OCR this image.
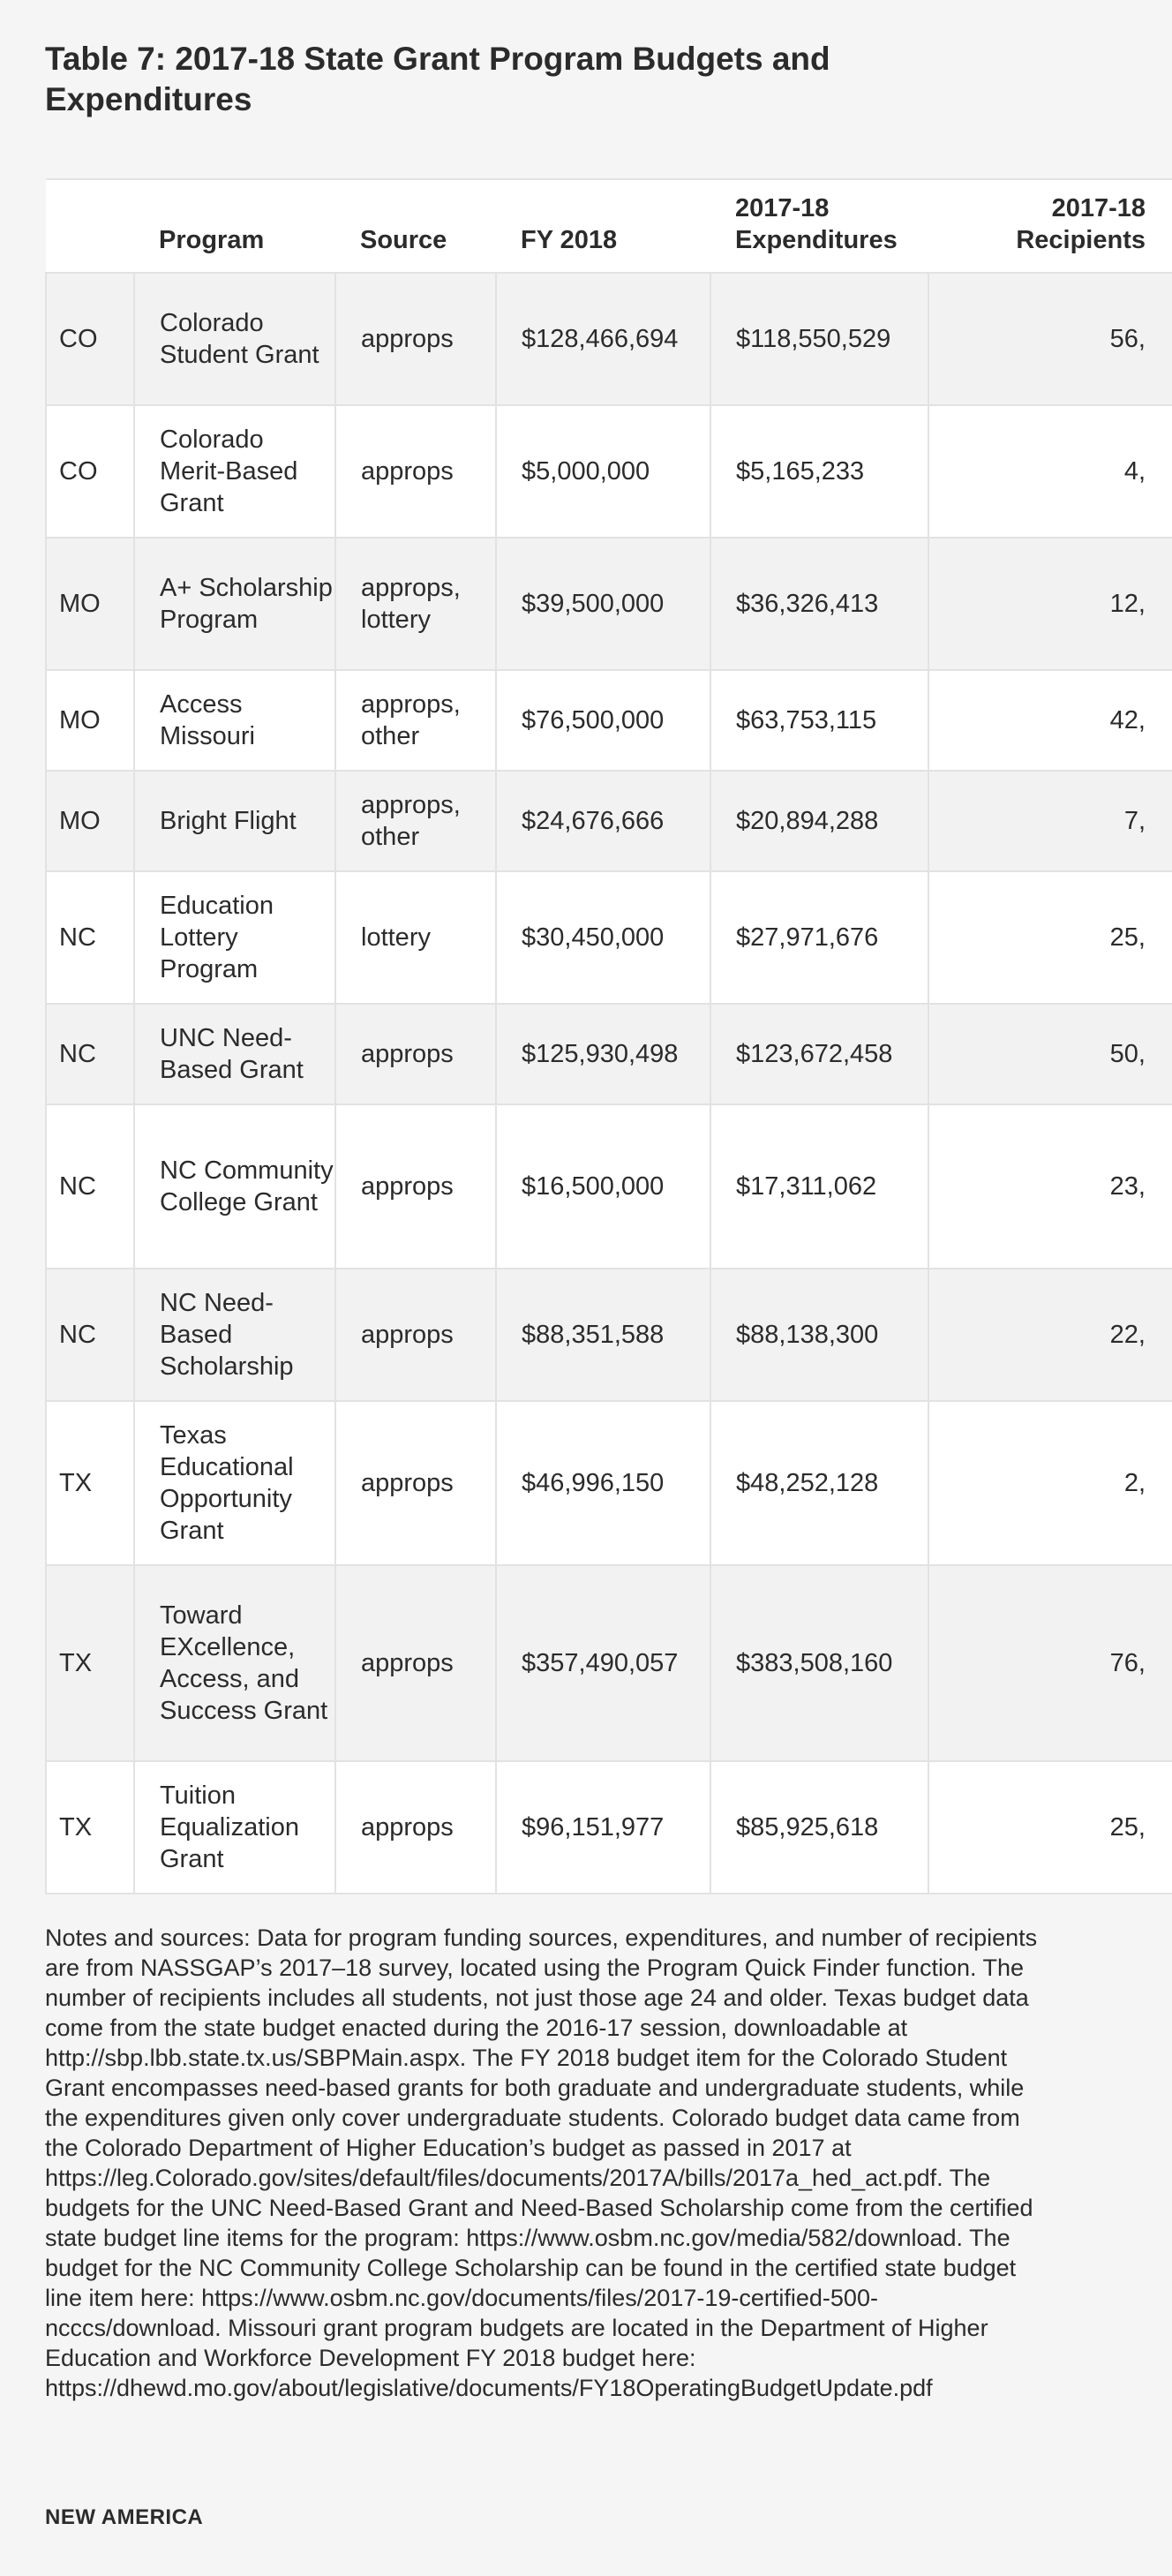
Table 7: 2017-18 State Grant Program Budgets and Expenditures
	Program	Source	FY 2018	2017-18 Expenditures	2017-18 Recipients
CO	Colorado Student Grant	approps	$128,466,694	$118,550,529	56,
CO	Colorado Merit-Based Grant	approps	$5,000,000	$5,165,233	4,
MO	A+ Scholarship Program	approps, lottery	$39,500,000	$36,326,413	12,
MO	Access Missouri	approps, other	$76,500,000	$63,753,115	42,
MO	Bright Flight	approps, other	$24,676,666	$20,894,288	7,
NC	Education Lottery Program	lottery	$30,450,000	$27,971,676	25,
NC	UNC Need-Based Grant	approps	$125,930,498	$123,672,458	50,
NC	NC Community College Grant	approps	$16,500,000	$17,311,062	23,
NC	NC Need-Based Scholarship	approps	$88,351,588	$88,138,300	22,
TX	Texas Educational Opportunity Grant	approps	$46,996,150	$48,252,128	2,
TX	Toward EXcellence, Access, and Success Grant	approps	$357,490,057	$383,508,160	76,
TX	Tuition Equalization Grant	approps	$96,151,977	$85,925,618	25,

Notes and sources: Data for program funding sources, expenditures, and number of recipients are from NASSGAP’s 2017–18 survey, located using the Program Quick Finder function. The number of recipients includes all students, not just those age 24 and older. Texas budget data come from the state budget enacted during the 2016-17 session, downloadable at http://sbp.lbb.state.tx.us/SBPMain.aspx. The FY 2018 budget item for the Colorado Student Grant encompasses need-based grants for both graduate and undergraduate students, while the expenditures given only cover undergraduate students. Colorado budget data came from the Colorado Department of Higher Education’s budget as passed in 2017 at https://leg.Colorado.gov/sites/default/files/documents/2017A/bills/2017a_hed_act.pdf. The budgets for the UNC Need-Based Grant and Need-Based Scholarship come from the certified state budget line items for the program: https://www.osbm.nc.gov/media/582/download. The budget for the NC Community College Scholarship can be found in the certified state budget line item here: https://www.osbm.nc.gov/documents/files/2017-19-certified-500-ncccs/download. Missouri grant program budgets are located in the Department of Higher Education and Workforce Development FY 2018 budget here: https://dhewd.mo.gov/about/legislative/documents/FY18OperatingBudgetUpdate.pdf

NEW AMERICA
